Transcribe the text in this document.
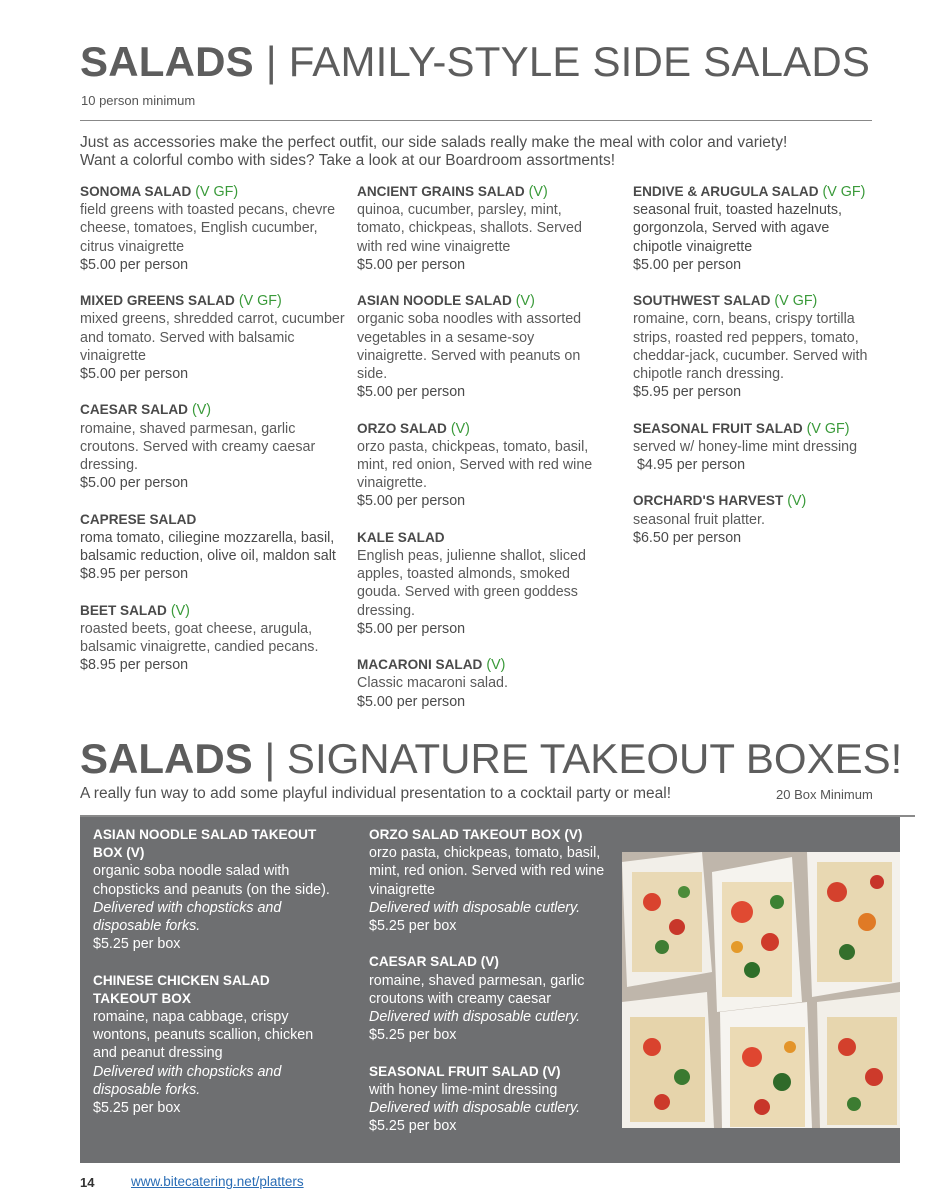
SALADS | FAMILY-STYLE SIDE SALADS
10 person minimum
Just as accessories make the perfect outfit, our side salads really make the meal with color and variety!
Want a colorful combo with sides? Take a look at our Boardroom assortments!
SONOMA SALAD (V GF)
field greens with toasted pecans, chevre cheese, tomatoes, English cucumber, citrus vinaigrette
$5.00 per person
MIXED GREENS SALAD (V GF)
mixed greens, shredded carrot, cucumber and tomato. Served with balsamic vinaigrette
$5.00 per person
CAESAR SALAD (V)
romaine, shaved parmesan, garlic croutons. Served with creamy caesar dressing.
$5.00 per person
CAPRESE SALAD
roma tomato, ciliegine mozzarella, basil, balsamic reduction, olive oil, maldon salt
$8.95 per person
BEET SALAD (V)
roasted beets, goat cheese, arugula, balsamic vinaigrette, candied pecans.
$8.95 per person
ANCIENT GRAINS SALAD (V)
quinoa, cucumber, parsley, mint, tomato, chickpeas, shallots. Served with red wine vinaigrette
$5.00 per person
ASIAN NOODLE SALAD (V)
organic soba noodles with assorted vegetables in a sesame-soy vinaigrette. Served with peanuts on side.
$5.00 per person
ORZO SALAD (V)
orzo pasta, chickpeas, tomato, basil, mint, red onion, Served with red wine vinaigrette.
$5.00 per person
KALE SALAD
English peas, julienne shallot, sliced apples, toasted almonds, smoked gouda. Served with green goddess dressing.
$5.00 per person
MACARONI SALAD (V)
Classic macaroni salad.
$5.00 per person
ENDIVE & ARUGULA SALAD (V GF)
seasonal fruit, toasted hazelnuts, gorgonzola, Served with agave chipotle vinaigrette
$5.00 per person
SOUTHWEST SALAD (V GF)
romaine, corn, beans, crispy tortilla strips, roasted red peppers, tomato, cheddar-jack, cucumber. Served with chipotle ranch dressing.
$5.95 per person
SEASONAL FRUIT SALAD (V GF)
served w/ honey-lime mint dressing
$4.95 per person
ORCHARD'S HARVEST (V)
seasonal fruit platter.
$6.50 per person
SALADS | SIGNATURE TAKEOUT BOXES!
A really fun way to add some playful individual presentation to a cocktail party or meal!	20 Box Minimum
ASIAN NOODLE SALAD TAKEOUT BOX (V)
organic soba noodle salad with chopsticks and peanuts (on the side).
Delivered with chopsticks and disposable forks.
$5.25 per box
CHINESE CHICKEN SALAD TAKEOUT BOX
romaine, napa cabbage, crispy wontons, peanuts scallion, chicken and peanut dressing
Delivered with chopsticks and disposable forks.
$5.25 per box
ORZO SALAD TAKEOUT BOX (V)
orzo pasta, chickpeas, tomato, basil, mint, red onion. Served with red wine vinaigrette
Delivered with disposable cutlery.
$5.25 per box
CAESAR SALAD (V)
romaine, shaved parmesan, garlic croutons with creamy caesar
Delivered with disposable cutlery.
$5.25 per box
SEASONAL FRUIT SALAD (V)
with honey lime-mint dressing
Delivered with disposable cutlery.
$5.25 per box
14	www.bitecatering.net/platters
